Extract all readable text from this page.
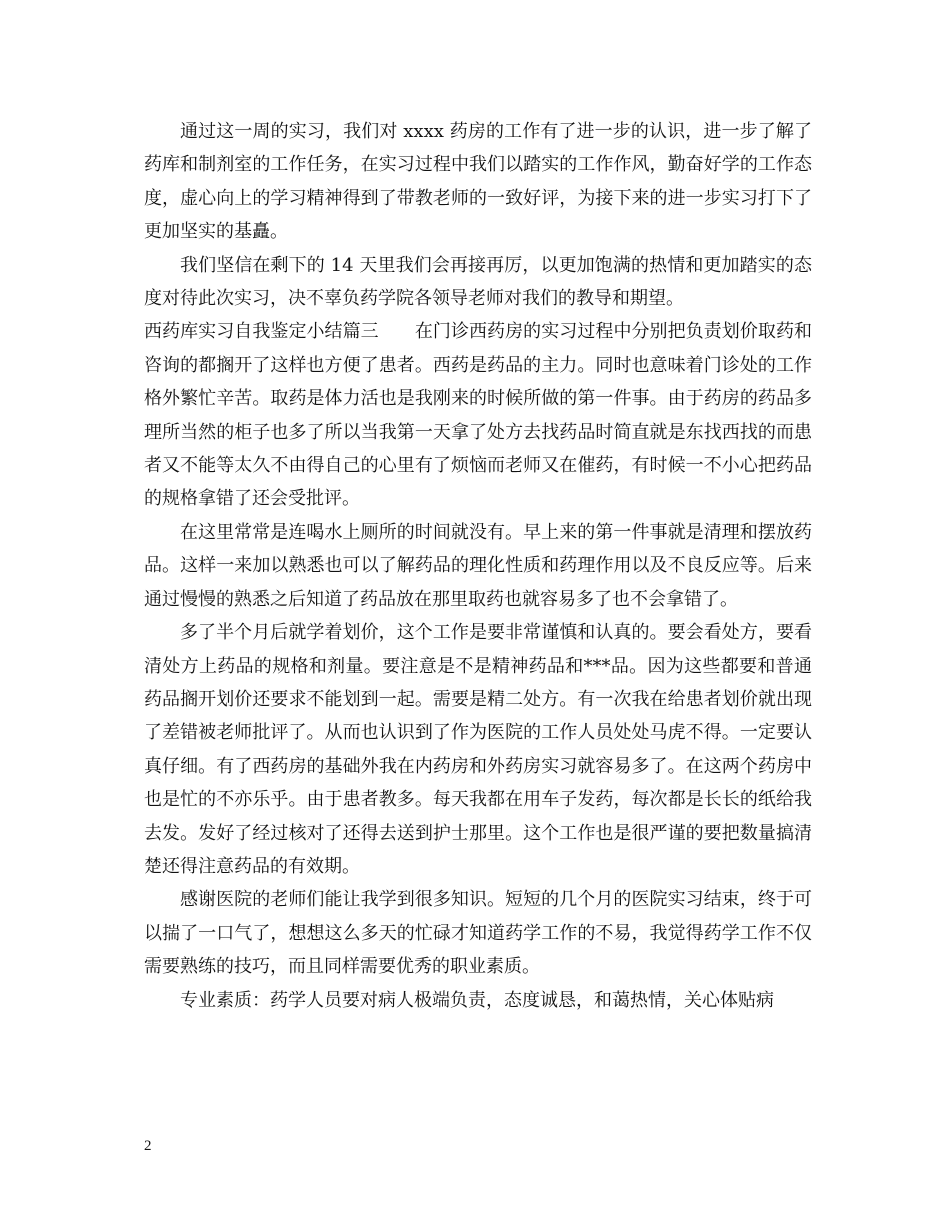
通过这一周的实习，我们对 xxxx 药房的工作有了进一步的认识，进一步了解了药库和制剂室的工作任务，在实习过程中我们以踏实的工作作风，勤奋好学的工作态度，虚心向上的学习精神得到了带教老师的一致好评，为接下来的进一步实习打下了更加坚实的基矗。

我们坚信在剩下的 14 天里我们会再接再厉，以更加饱满的热情和更加踏实的态度对待此次实习，决不辜负药学院各领导老师对我们的教导和期望。

西药库实习自我鉴定小结篇三　　在门诊西药房的实习过程中分别把负责划价取药和咨询的都搁开了这样也方便了患者。西药是药品的主力。同时也意味着门诊处的工作格外繁忙辛苦。取药是体力活也是我刚来的时候所做的第一件事。由于药房的药品多理所当然的柜子也多了所以当我第一天拿了处方去找药品时简直就是东找西找的而患者又不能等太久不由得自己的心里有了烦恼而老师又在催药，有时候一不小心把药品的规格拿错了还会受批评。

在这里常常是连喝水上厕所的时间就没有。早上来的第一件事就是清理和摆放药品。这样一来加以熟悉也可以了解药品的理化性质和药理作用以及不良反应等。后来通过慢慢的熟悉之后知道了药品放在那里取药也就容易多了也不会拿错了。

多了半个月后就学着划价，这个工作是要非常谨慎和认真的。要会看处方，要看清处方上药品的规格和剂量。要注意是不是精神药品和***品。因为这些都要和普通药品搁开划价还要求不能划到一起。需要是精二处方。有一次我在给患者划价就出现了差错被老师批评了。从而也认识到了作为医院的工作人员处处马虎不得。一定要认真仔细。有了西药房的基础外我在内药房和外药房实习就容易多了。在这两个药房中也是忙的不亦乐乎。由于患者教多。每天我都在用车子发药，每次都是长长的纸给我去发。发好了经过核对了还得去送到护士那里。这个工作也是很严谨的要把数量搞清楚还得注意药品的有效期。

感谢医院的老师们能让我学到很多知识。短短的几个月的医院实习结束，终于可以揣了一口气了，想想这么多天的忙碌才知道药学工作的不易，我觉得药学工作不仅需要熟练的技巧，而且同样需要优秀的职业素质。

专业素质：药学人员要对病人极端负责，态度诚恳，和蔼热情，关心体贴病

2
